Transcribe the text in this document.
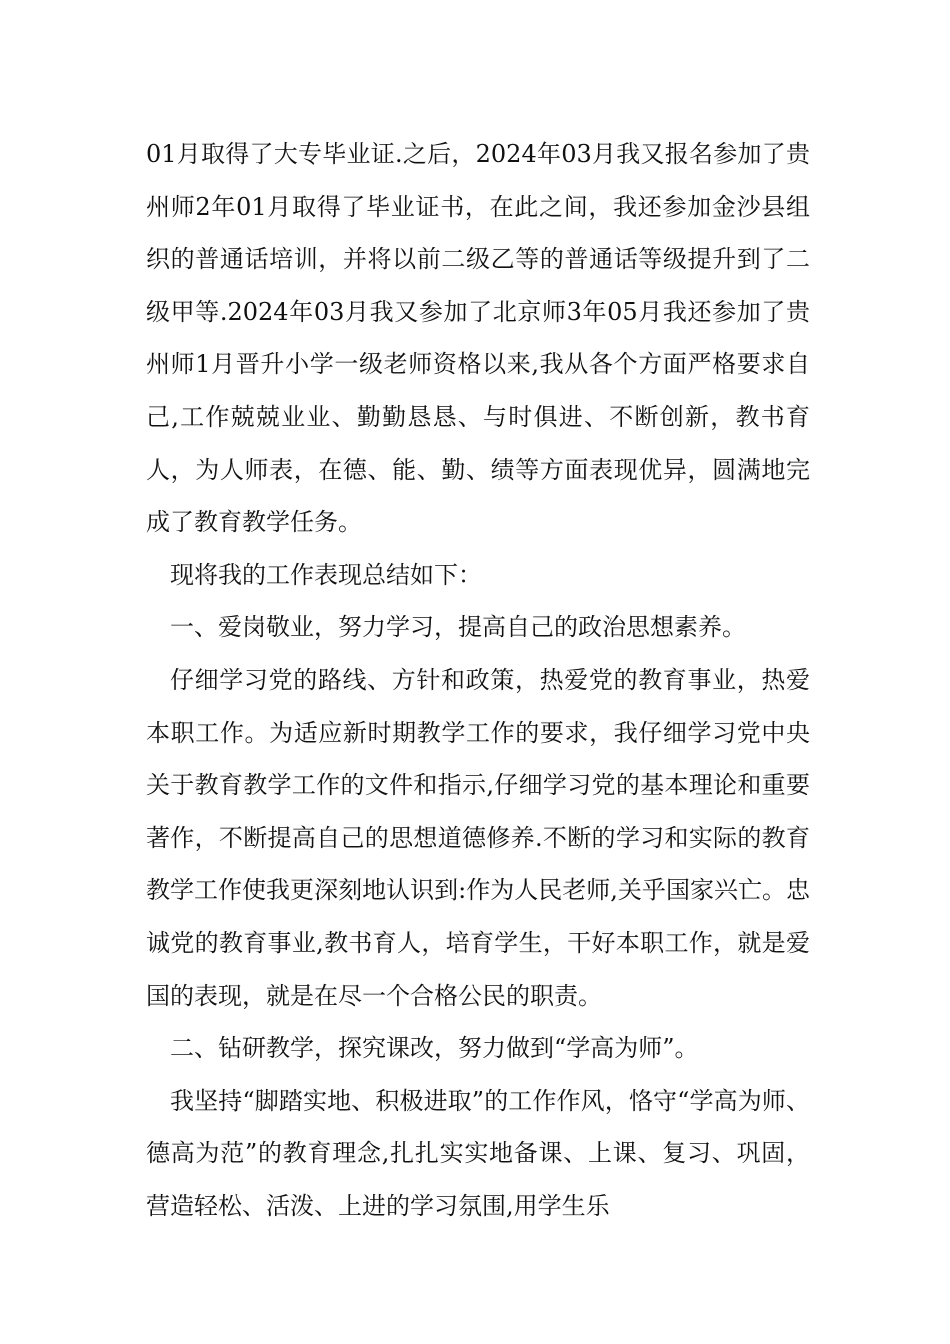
01月取得了大专毕业证.之后，2024年03月我又报名参加了贵州师2年01月取得了毕业证书，在此之间，我还参加金沙县组织的普通话培训，并将以前二级乙等的普通话等级提升到了二级甲等.2024年03月我又参加了北京师3年05月我还参加了贵州师1月晋升小学一级老师资格以来,我从各个方面严格要求自己,工作兢兢业业、勤勤恳恳、与时俱进、不断创新，教书育人，为人师表，在德、能、勤、绩等方面表现优异，圆满地完成了教育教学任务。

现将我的工作表现总结如下：

一、爱岗敬业，努力学习，提高自己的政治思想素养。

仔细学习党的路线、方针和政策，热爱党的教育事业，热爱本职工作。为适应新时期教学工作的要求，我仔细学习党中央关于教育教学工作的文件和指示,仔细学习党的基本理论和重要著作，不断提高自己的思想道德修养.不断的学习和实际的教育教学工作使我更深刻地认识到:作为人民老师,关乎国家兴亡。忠诚党的教育事业,教书育人，培育学生，干好本职工作，就是爱国的表现，就是在尽一个合格公民的职责。

二、钻研教学，探究课改，努力做到“学高为师”。

我坚持“脚踏实地、积极进取”的工作作风，恪守“学高为师、德高为范”的教育理念,扎扎实实地备课、上课、复习、巩固，营造轻松、活泼、上进的学习氛围,用学生乐
